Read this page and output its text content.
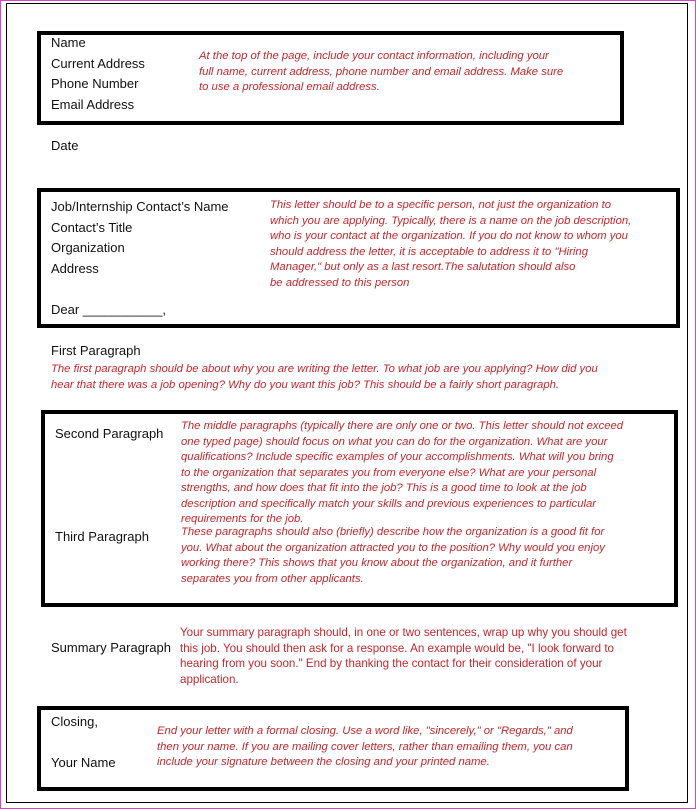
Name
Current Address
Phone Number
Email Address
At the top of the page, include your contact information, including your
full name, current address, phone number and email address. Make sure
to use a professional email address.
Date
Job/Internship Contact’s Name
Contact’s Title
Organization
Address
Dear ___________,
This letter should be to a specific person, not just the organization to
which you are applying. Typically, there is a name on the job description,
who is your contact at the organization. If you do not know to whom you
should address the letter, it is acceptable to address it to "Hiring
Manager," but only as a last resort.The salutation should also
be addressed to this person
First Paragraph
The first paragraph should be about why you are writing the letter. To what job are you applying? How did you
hear that there was a job opening? Why do you want this job? This should be a fairly short paragraph.
Second Paragraph
Third Paragraph
The middle paragraphs (typically there are only one or two. This letter should not exceed
one typed page) should focus on what you can do for the organization. What are your
qualifications? Include specific examples of your accomplishments. What will you bring
to the organization that separates you from everyone else? What are your personal
strengths, and how does that fit into the job? This is a good time to look at the job
description and specifically match your skills and previous experiences to particular
requirements for the job.
These paragraphs should also (briefly) describe how the organization is a good fit for
you. What about the organization attracted you to the position? Why would you enjoy
working there? This shows that you know about the organization, and it further
separates you from other applicants.
Summary Paragraph
Your summary paragraph should, in one or two sentences, wrap up why you should get
this job. You should then ask for a response. An example would be, "I look forward to
hearing from you soon." End by thanking the contact for their consideration of your
application.
Closing,
Your Name
End your letter with a formal closing. Use a word like, "sincerely," or "Regards," and
then your name. If you are mailing cover letters, rather than emailing them, you can
include your signature between the closing and your printed name.
